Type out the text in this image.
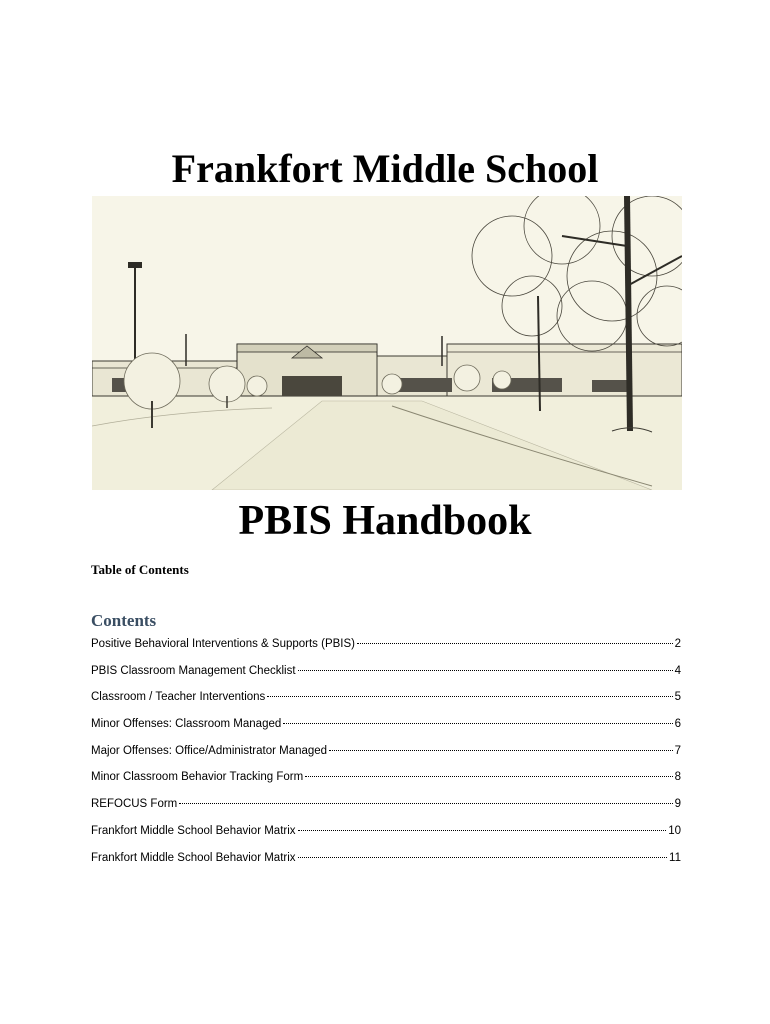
Frankfort Middle School
PBIS Handbook

Table of Contents

Contents
Positive Behavioral Interventions & Supports (PBIS)	2
PBIS Classroom Management Checklist	4
Classroom / Teacher Interventions	5
Minor Offenses: Classroom Managed	6
Major Offenses: Office/Administrator Managed	7
Minor Classroom Behavior Tracking Form	8
REFOCUS Form	9
Frankfort Middle School Behavior Matrix	10
Frankfort Middle School Behavior Matrix	11
